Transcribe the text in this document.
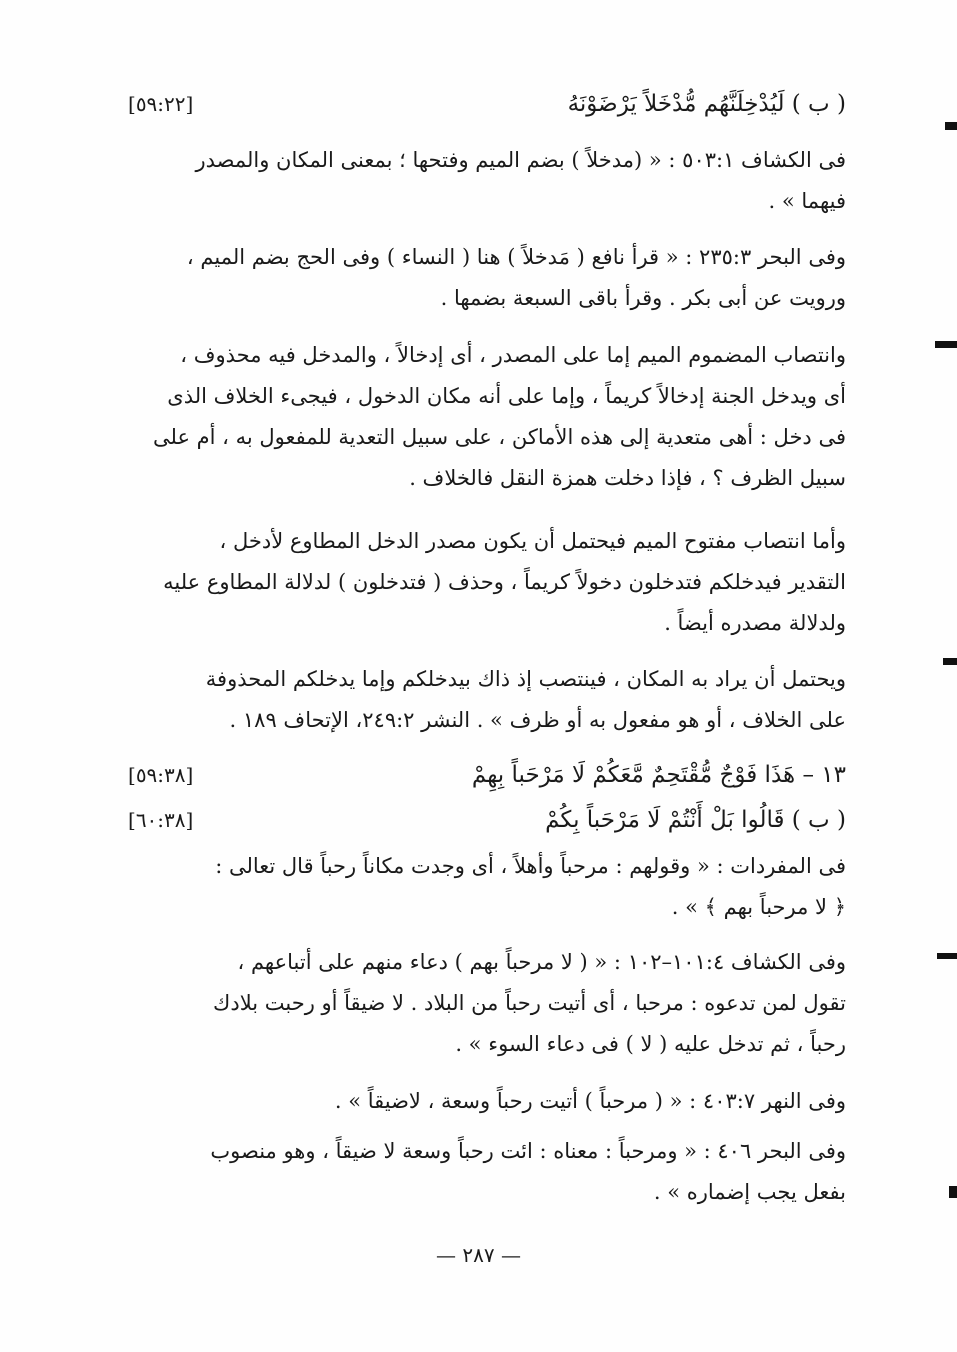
( ب ) لَيُدْخِلَنَّهُم مُّدْخَلاً يَرْضَوْنَهُ
[٥٩:٢٢]
فى الكشاف ٥٠٣:١ : « (مدخلاً ) بضم الميم وفتحها ؛ بمعنى المكان والمصدر
فيهما » .
وفى البحر ٢٣٥:٣ : « قرأ نافع ( مَدخلاً ) هنا ( النساء ) وفى الحج بضم الميم ،
ورويت عن أبى بكر . وقرأ باقى السبعة بضمها .
وانتصاب المضموم الميم إما على المصدر ، أى إدخالاً ، والمدخل فيه محذوف ،
أى ويدخل الجنة إدخالاً كريماً ، وإما على أنه مكان الدخول ، فيجىء الخلاف الذى
فى دخل : أهى متعدية إلى هذه الأماكن ، على سبيل التعدية للمفعول به ، أم على
سبيل الظرف ؟ ، فإذا دخلت همزة النقل فالخلاف .
وأما انتصاب مفتوح الميم فيحتمل أن يكون مصدر الدخل المطاوع لأدخل ،
التقدير فيدخلكم فتدخلون دخولاً كريماً ، وحذف ( فتدخلون ) لدلالة المطاوع عليه
ولدلالة مصدره أيضاً .
ويحتمل أن يراد به المكان ، فينتصب إذ ذاك بيدخلكم وإما يدخلكم المحذوفة
على الخلاف ، أو هو مفعول به أو ظرف » . النشر ٢٤٩:٢، الإتحاف ١٨٩ .
١٣ – هَذَا فَوْجٌ مُّقْتَحِمٌ مَّعَكُمْ لَا مَرْحَباً بِهِمْ
[٥٩:٣٨]
( ب ) قَالُوا بَلْ أَنْتُمْ لَا مَرْحَباً بِكُمْ
[٦٠:٣٨]
فى المفردات : « وقولهم : مرحباً وأهلاً ، أى وجدت مكاناً رحباً قال تعالى :
﴿ لا مرحباً بهم ﴾ » .
وفى الكشاف ١٠١:٤–١٠٢ : « ( لا مرحباً بهم ) دعاء منهم على أتباعهم ،
تقول لمن تدعوه : مرحبا ، أى أتيت رحباً من البلاد . لا ضيقاً أو رحبت بلادك
رحباً ، ثم تدخل عليه ( لا ) فى دعاء السوء » .
وفى النهر ٤٠٣:٧ : « ( مرحباً ) أتيت رحباً وسعة ، لاضيقاً » .
وفى البحر ٤٠٦ : « ومرحباً : معناه : ائت رحباً وسعة لا ضيقاً ، وهو منصوب
بفعل يجب إضماره » .
— ٢٨٧ —
